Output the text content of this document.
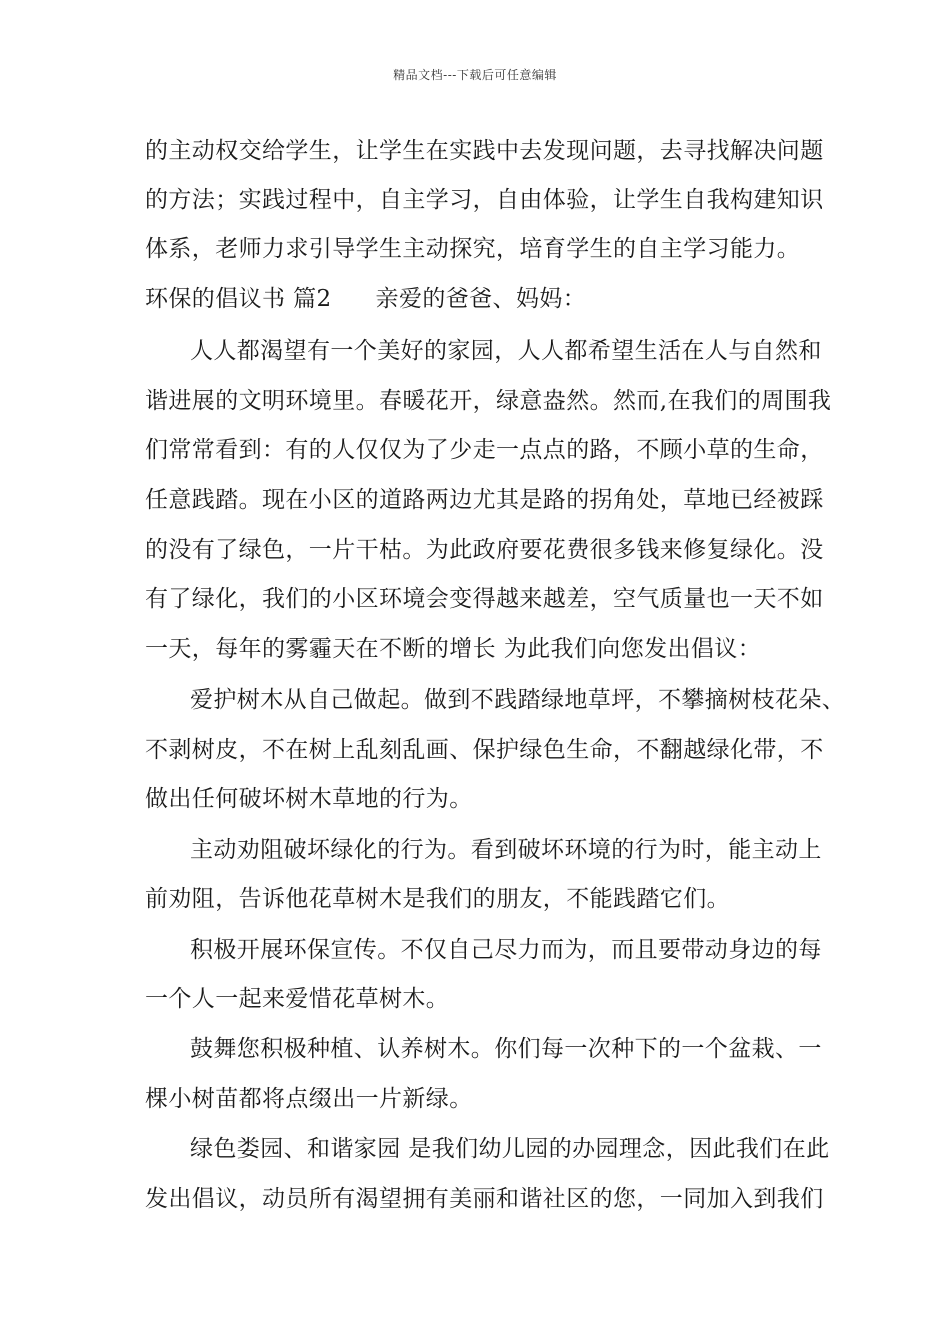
精品文档---下载后可任意编辑
的主动权交给学生，让学生在实践中去发现问题，去寻找解决问题
的方法；实践过程中，自主学习，自由体验，让学生自我构建知识
体系，老师力求引导学生主动探究，培育学生的自主学习能力。
环保的倡议书 篇2 亲爱的爸爸、妈妈：
人人都渴望有一个美好的家园，人人都希望生活在人与自然和
谐进展的文明环境里。春暖花开，绿意盎然。然而,在我们的周围我
们常常看到：有的人仅仅为了少走一点点的路，不顾小草的生命，
任意践踏。现在小区的道路两边尤其是路的拐角处，草地已经被踩
的没有了绿色，一片干枯。为此政府要花费很多钱来修复绿化。没
有了绿化，我们的小区环境会变得越来越差，空气质量也一天不如
一天，每年的雾霾天在不断的增长 为此我们向您发出倡议：
爱护树木从自己做起。做到不践踏绿地草坪，不攀摘树枝花朵、
不剥树皮，不在树上乱刻乱画、保护绿色生命，不翻越绿化带，不
做出任何破坏树木草地的行为。
主动劝阻破坏绿化的行为。看到破坏环境的行为时，能主动上
前劝阻，告诉他花草树木是我们的朋友，不能践踏它们。
积极开展环保宣传。不仅自己尽力而为，而且要带动身边的每
一个人一起来爱惜花草树木。
鼓舞您积极种植、认养树木。你们每一次种下的一个盆栽、一
棵小树苗都将点缀出一片新绿。
绿色娄园、和谐家园 是我们幼儿园的办园理念，因此我们在此
发出倡议，动员所有渴望拥有美丽和谐社区的您，一同加入到我们
